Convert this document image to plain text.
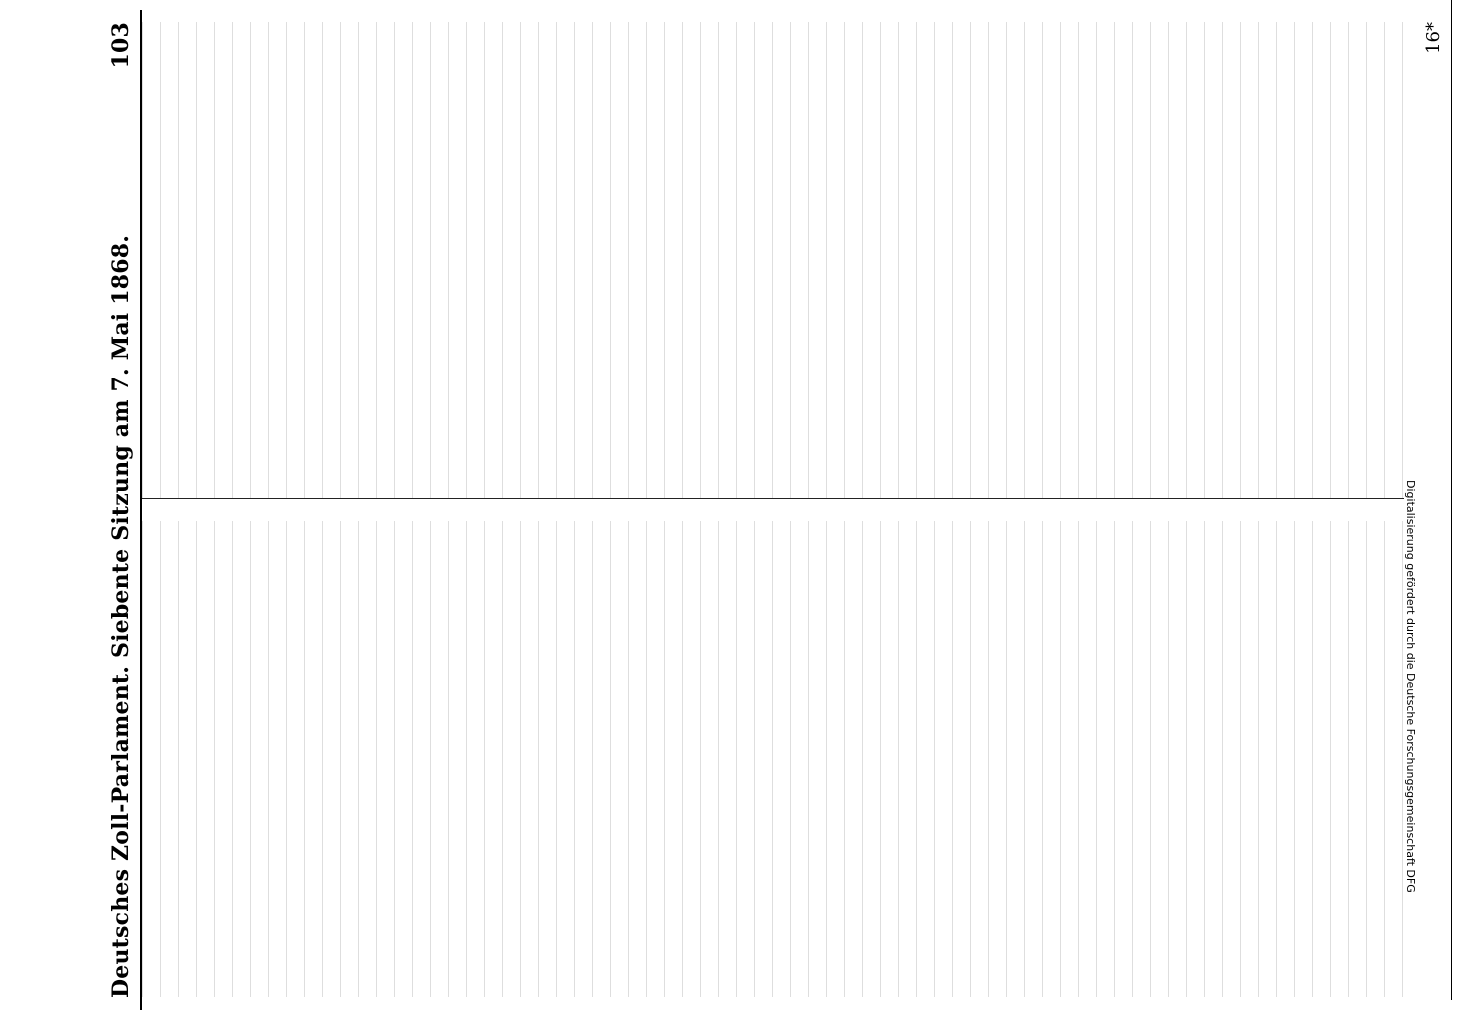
Deutsches Zoll-Parlament. Siebente Sitzung am 7. Mai 1868.
103	16*
Digitalisierung gefördert durch die Deutsche Forschungsgemeinschaft DFG
